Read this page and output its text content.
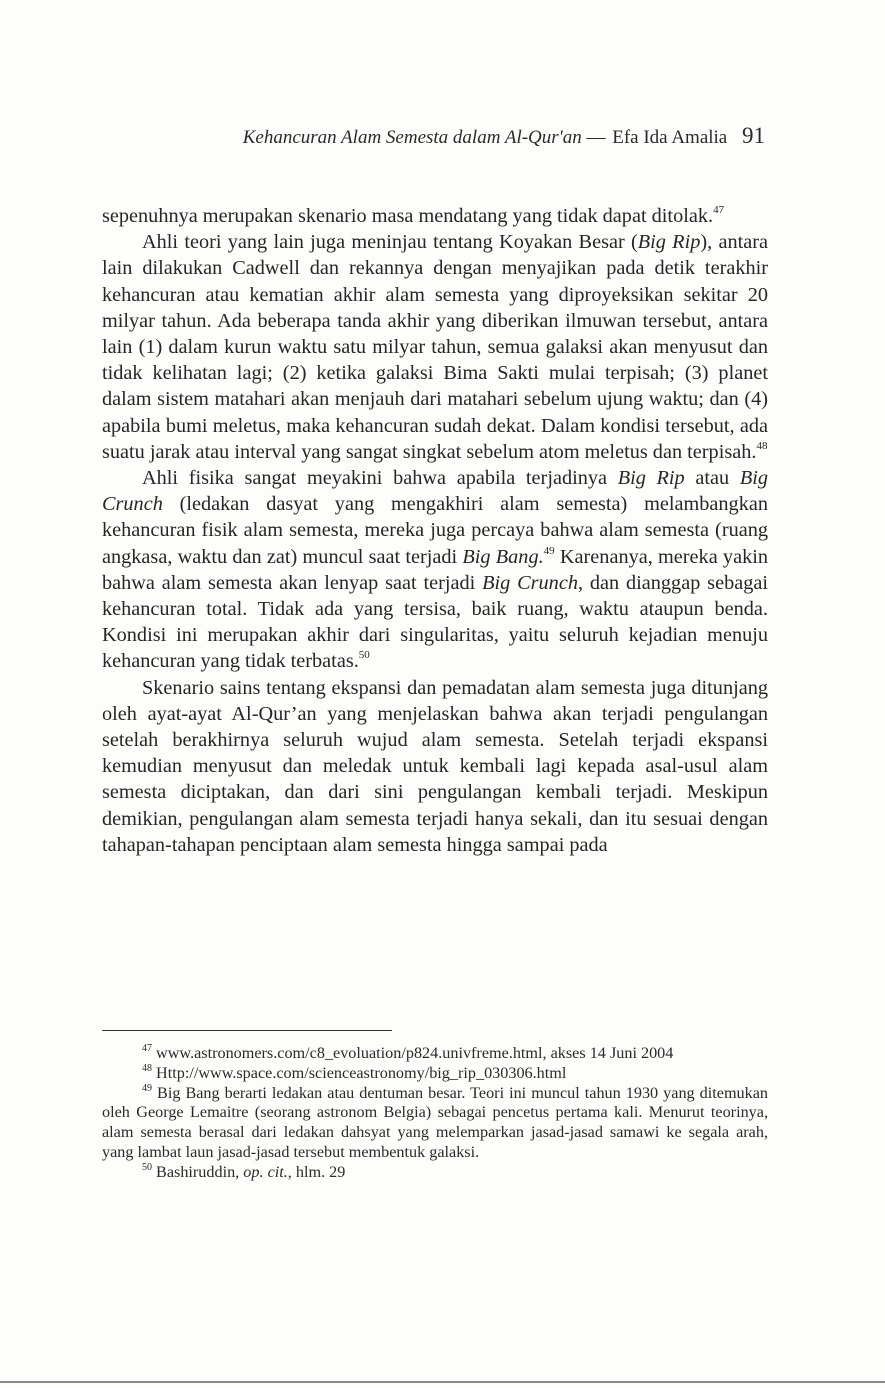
Kehancuran Alam Semesta dalam Al-Qur'an — Efa Ida Amalia 91

sepenuhnya merupakan skenario masa mendatang yang tidak dapat ditolak.$^{47}$

Ahli teori yang lain juga meninjau tentang Koyakan Besar (Big Rip), antara lain dilakukan Cadwell dan rekannya dengan menyajikan pada detik terakhir kehancuran atau kematian akhir alam semesta yang diproyeksikan sekitar 20 milyar tahun. Ada beberapa tanda akhir yang diberikan ilmuwan tersebut, antara lain (1) dalam kurun waktu satu milyar tahun, semua galaksi akan menyusut dan tidak kelihatan lagi; (2) ketika galaksi Bima Sakti mulai terpisah; (3) planet dalam sistem matahari akan menjauh dari matahari sebelum ujung waktu; dan (4) apabila bumi meletus, maka kehancuran sudah dekat. Dalam kondisi tersebut, ada suatu jarak atau interval yang sangat singkat sebelum atom meletus dan terpisah.$^{48}$

Ahli fisika sangat meyakini bahwa apabila terjadinya Big Rip atau Big Crunch (ledakan dasyat yang mengakhiri alam semesta) melambangkan kehancuran fisik alam semesta, mereka juga percaya bahwa alam semesta (ruang angkasa, waktu dan zat) muncul saat terjadi Big Bang.$^{49}$ Karenanya, mereka yakin bahwa alam semesta akan lenyap saat terjadi Big Crunch, dan dianggap sebagai kehancuran total. Tidak ada yang tersisa, baik ruang, waktu ataupun benda. Kondisi ini merupakan akhir dari singularitas, yaitu seluruh kejadian menuju kehancuran yang tidak terbatas.$^{50}$

Skenario sains tentang ekspansi dan pemadatan alam semesta juga ditunjang oleh ayat-ayat Al-Qur’an yang menjelaskan bahwa akan terjadi pengulangan setelah berakhirnya seluruh wujud alam semesta. Setelah terjadi ekspansi kemudian menyusut dan meledak untuk kembali lagi kepada asal-usul alam semesta diciptakan, dan dari sini pengulangan kembali terjadi. Meskipun demikian, pengulangan alam semesta terjadi hanya sekali, dan itu sesuai dengan tahapan-tahapan penciptaan alam semesta hingga sampai pada

$^{47}$ www.astronomers.com/c8_evoluation/p824.univfreme.html, akses 14 Juni 2004

$^{48}$ Http://www.space.com/scienceastronomy/big_rip_030306.html

$^{49}$ Big Bang berarti ledakan atau dentuman besar. Teori ini muncul tahun 1930 yang ditemukan oleh George Lemaitre (seorang astronom Belgia) sebagai pencetus pertama kali. Menurut teorinya, alam semesta berasal dari ledakan dahsyat yang melemparkan jasad-jasad samawi ke segala arah, yang lambat laun jasad-jasad tersebut membentuk galaksi.

$^{50}$ Bashiruddin, op. cit., hlm. 29
